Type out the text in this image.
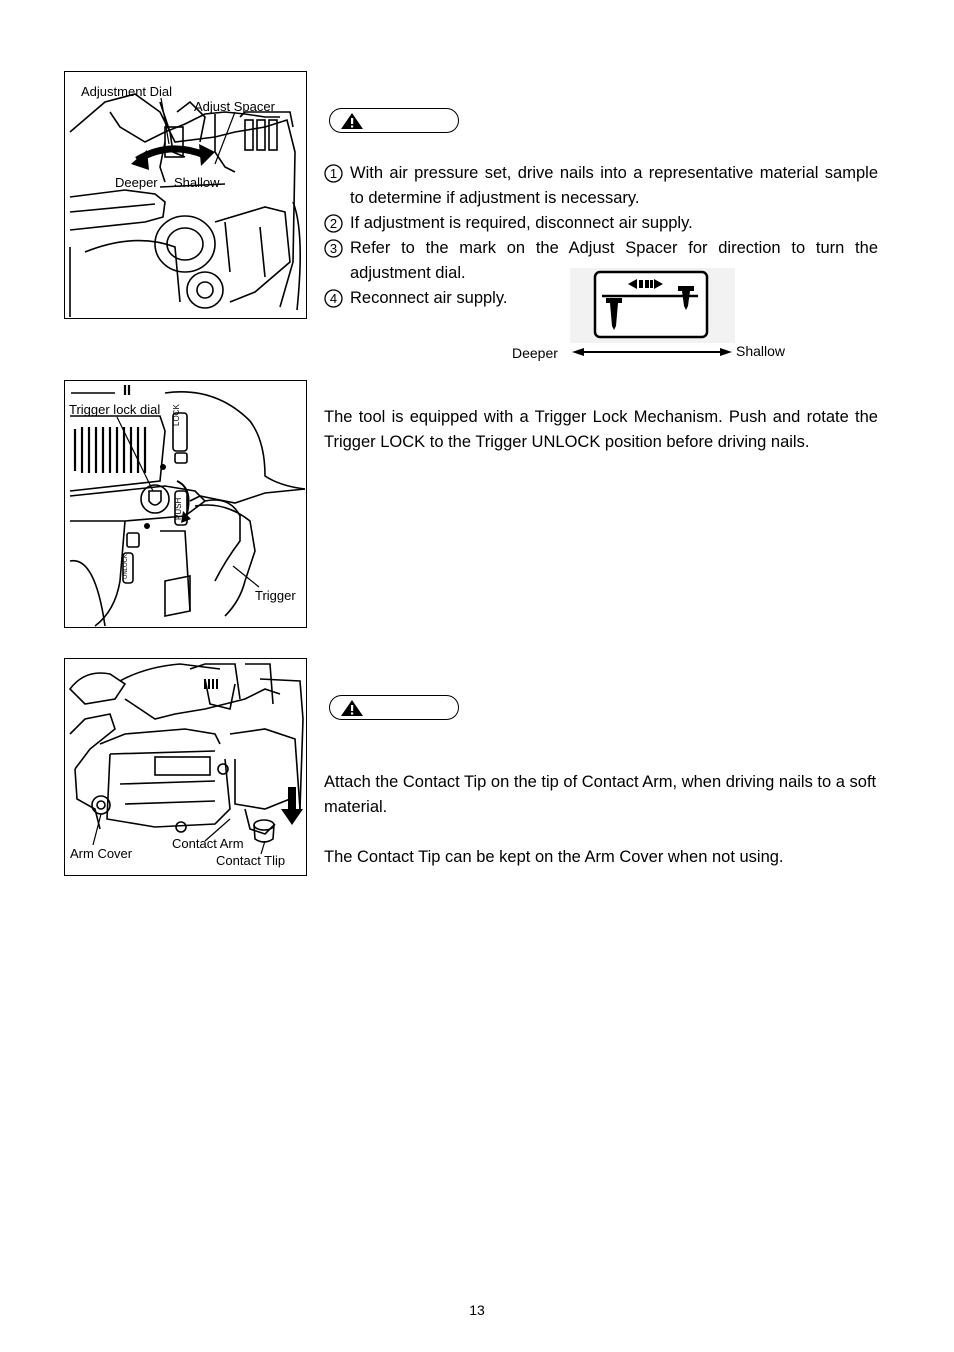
Adjustment Dial
Adjust Spacer
Deeper Shallow
1 With air pressure set, drive nails into a representative material sample to determine if adjustment is necessary.
2 If adjustment is required, disconnect air supply.
3 Refer to the mark on the Adjust Spacer for direction to turn the adjustment dial.
4 Reconnect air supply.
Deeper	Shallow
LOCK
PUSH
UNLOCK
Trigger lock dial
Trigger
The tool is equipped with a Trigger Lock Mechanism. Push and rotate the Trigger LOCK to the Trigger UNLOCK position before driving nails.
Arm Cover
Contact Arm
Contact Tlip
Attach the Contact Tip on the tip of Contact Arm, when driving nails to a soft material.
The Contact Tip can be kept on the Arm Cover when not using.
13
